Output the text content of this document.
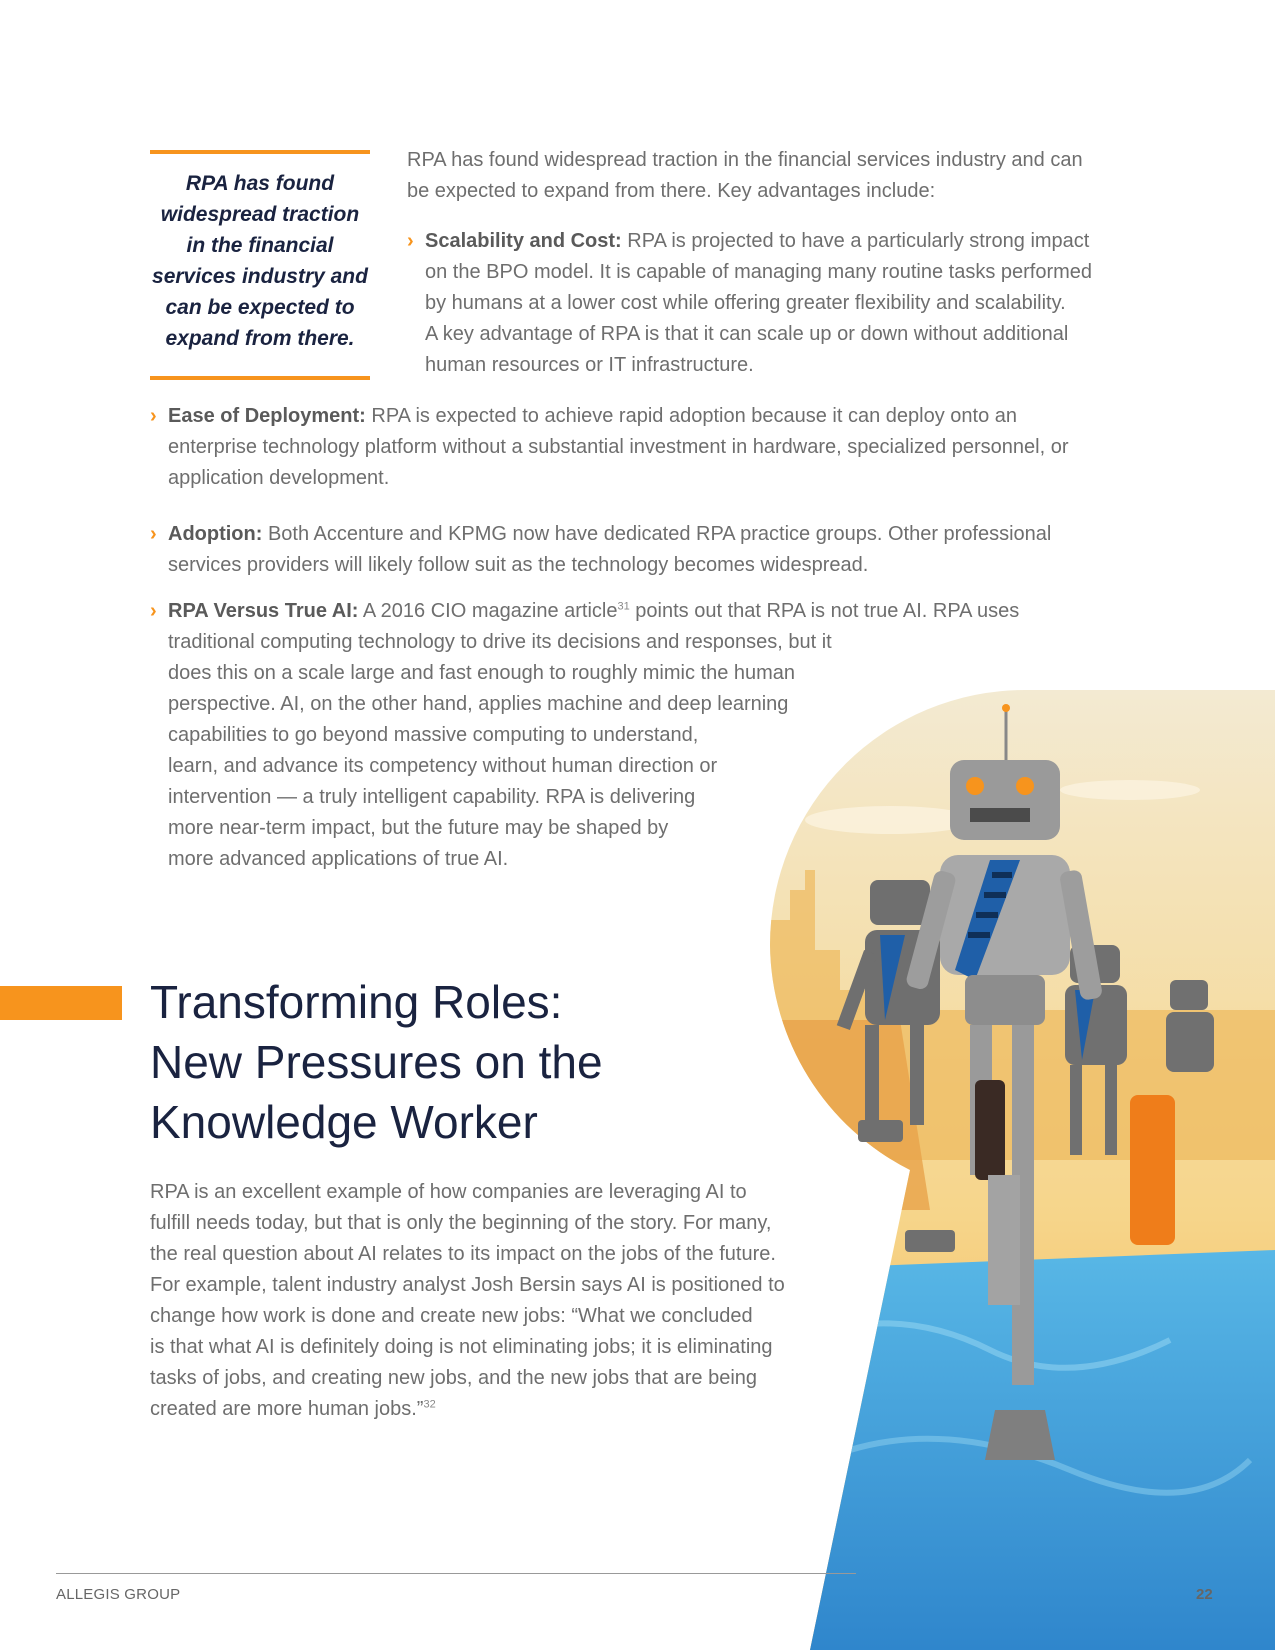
RPA has found
widespread traction
in the financial
services industry and
can be expected to
expand from there.

RPA has found widespread traction in the financial services industry and can
be expected to expand from there. Key advantages include:

› Scalability and Cost: RPA is projected to have a particularly strong impact
on the BPO model. It is capable of managing many routine tasks performed
by humans at a lower cost while offering greater flexibility and scalability.
A key advantage of RPA is that it can scale up or down without additional
human resources or IT infrastructure.
› Ease of Deployment: RPA is expected to achieve rapid adoption because it can deploy onto an
enterprise technology platform without a substantial investment in hardware, specialized personnel, or
application development.
› Adoption: Both Accenture and KPMG now have dedicated RPA practice groups. Other professional
services providers will likely follow suit as the technology becomes widespread.
› RPA Versus True AI: A 2016 CIO magazine article$^{31}$ points out that RPA is not true AI. RPA uses
traditional computing technology to drive its decisions and responses, but it
does this on a scale large and fast enough to roughly mimic the human
perspective. AI, on the other hand, applies machine and deep learning
capabilities to go beyond massive computing to understand,
learn, and advance its competency without human direction or
intervention — a truly intelligent capability. RPA is delivering
more near-term impact, but the future may be shaped by
more advanced applications of true AI.
Transforming Roles:
New Pressures on the
Knowledge Worker

RPA is an excellent example of how companies are leveraging AI to
fulfill needs today, but that is only the beginning of the story. For many,
the real question about AI relates to its impact on the jobs of the future.
For example, talent industry analyst Josh Bersin says AI is positioned to
change how work is done and create new jobs: “What we concluded
is that what AI is definitely doing is not eliminating jobs; it is eliminating
tasks of jobs, and creating new jobs, and the new jobs that are being
created are more human jobs.”$^{32}$

ALLEGIS GROUP	22
